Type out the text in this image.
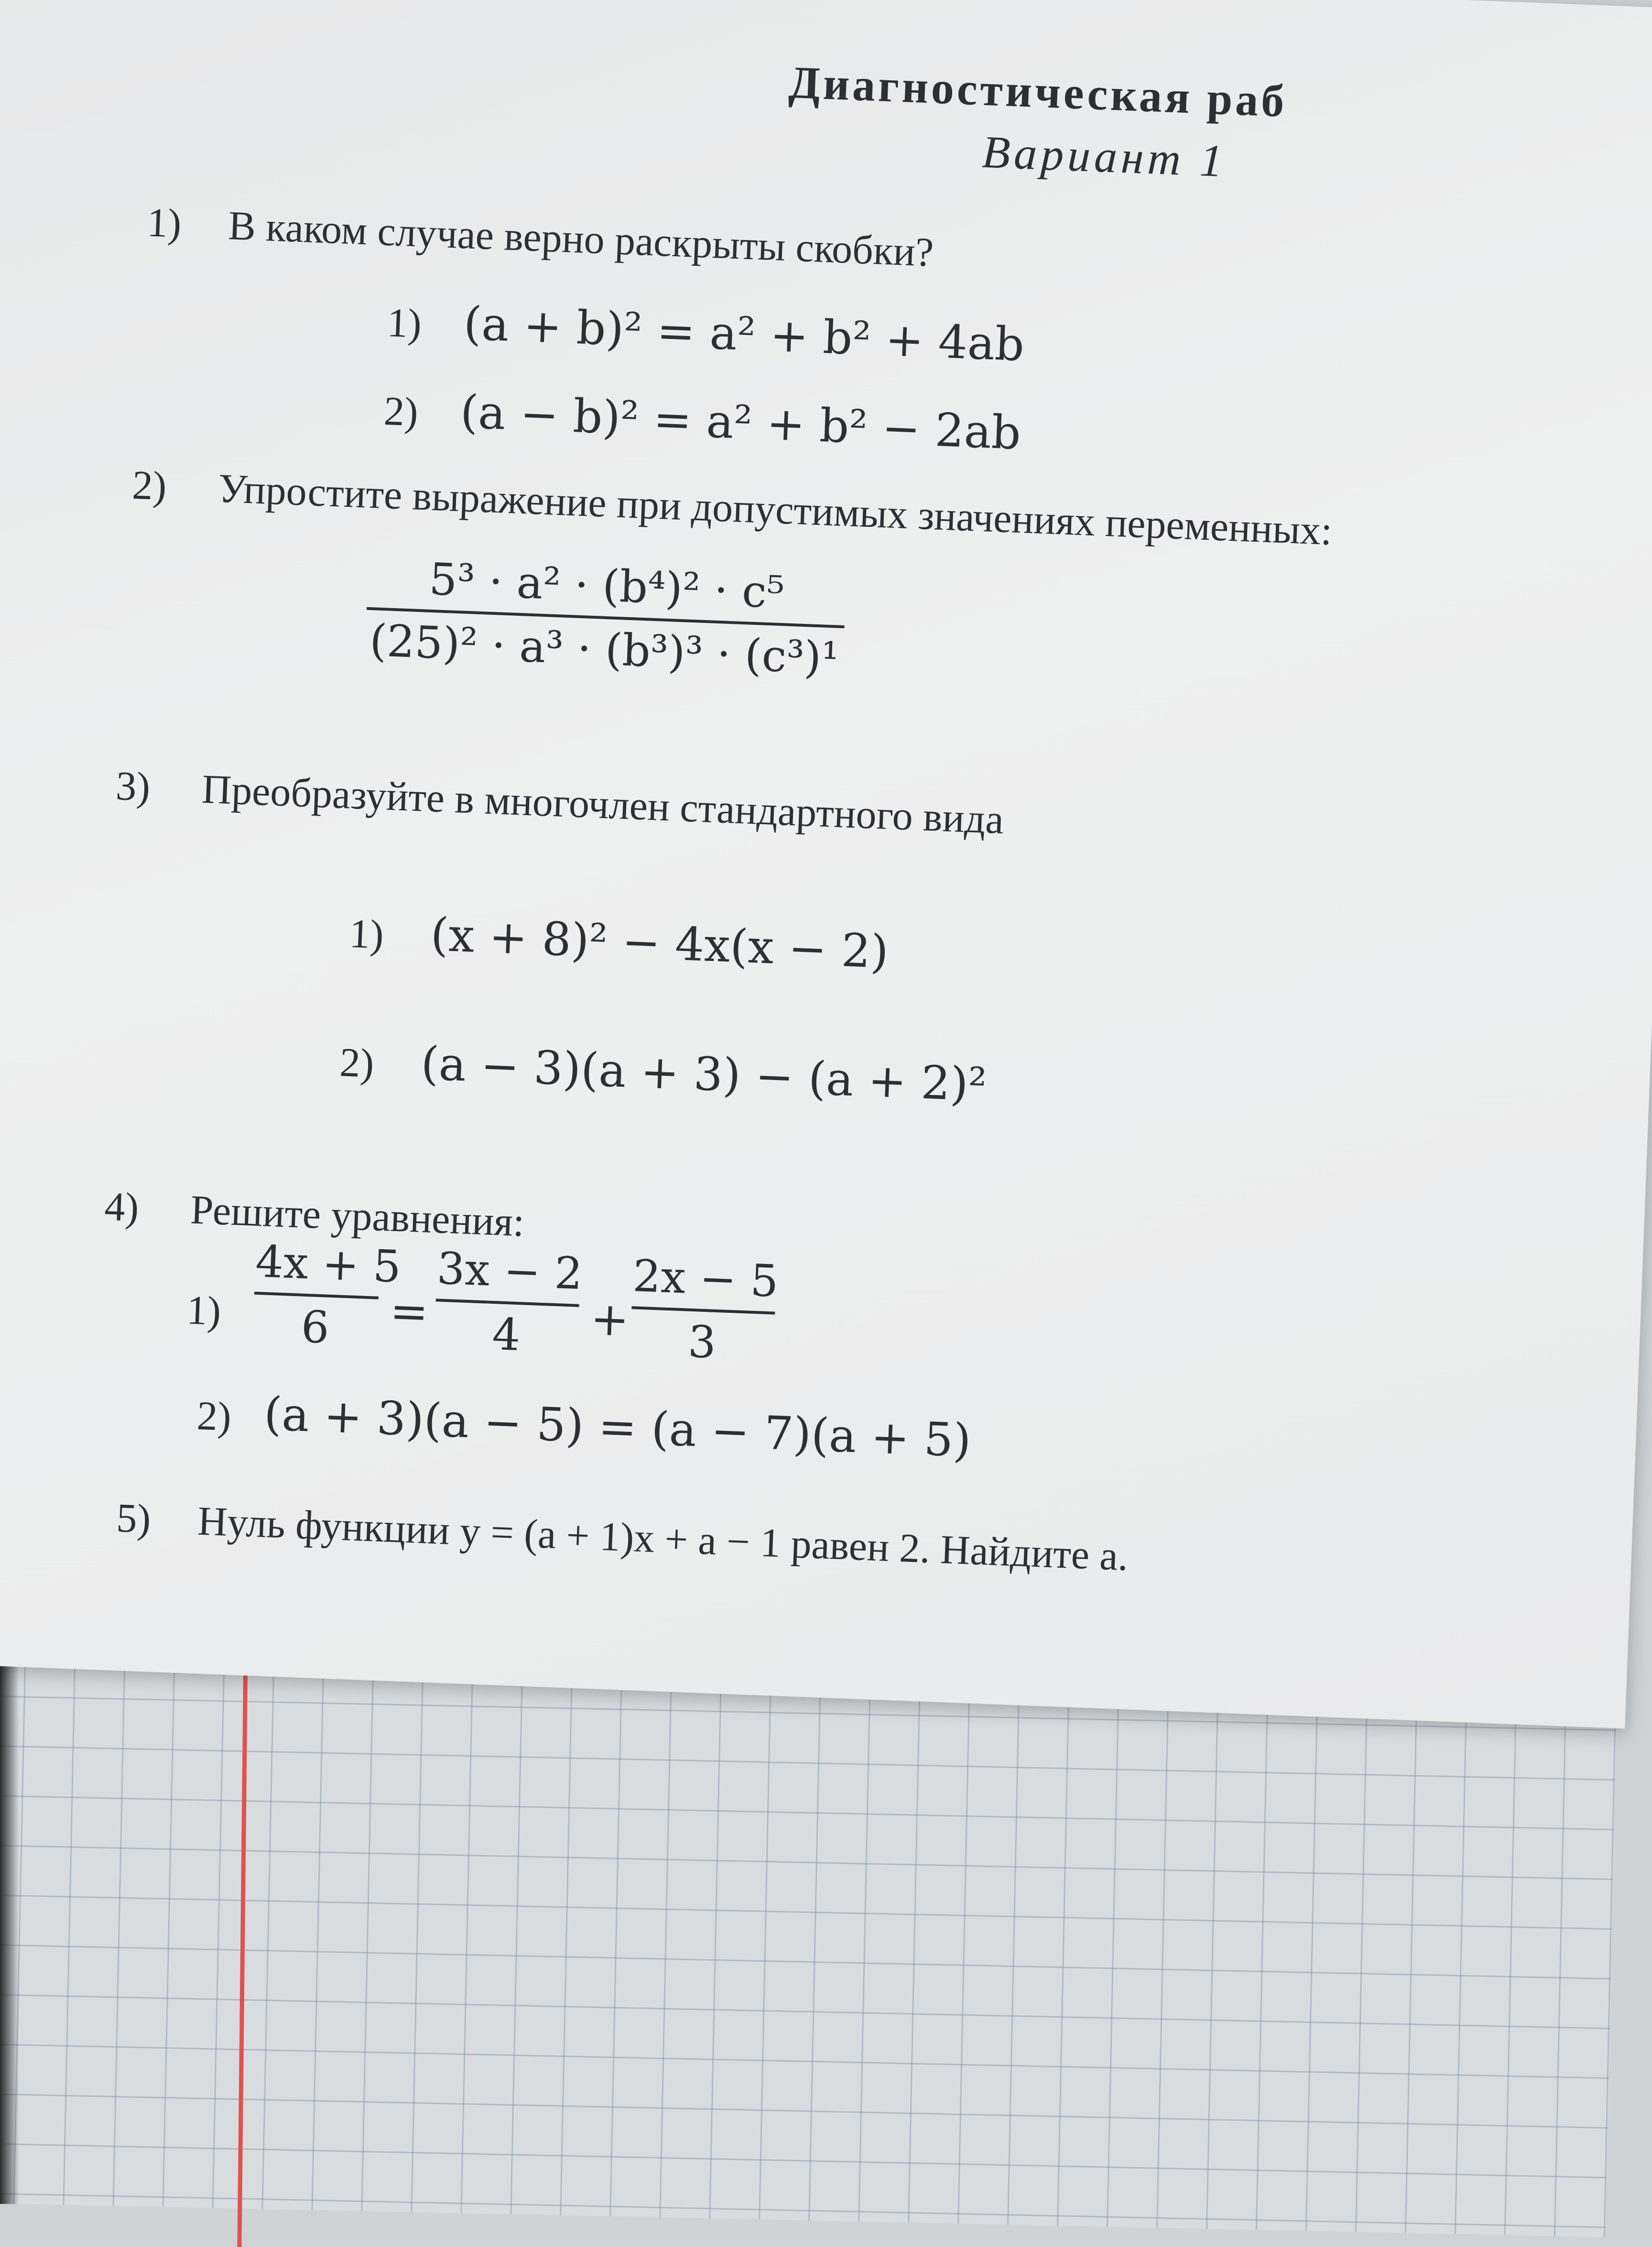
Диагностическая раб
Вариант 1
1) В каком случае верно раскрыты скобки?
1) (a + b)² = a² + b² + 4ab
2) (a − b)² = a² + b² − 2ab
2) Упростите выражение при допустимых значениях переменных:
5³ · a² · (b⁴)² · c⁵
(25)² · a³ · (b³)³ · (c³)¹
3) Преобразуйте в многочлен стандартного вида
1) (x + 8)² − 4x(x − 2)
2) (a − 3)(a + 3) − (a + 2)²
4) Решите уравнения:
1)
4x + 5
6	=
3x − 2
4	+
2x − 5
3
2) (a + 3)(a − 5) = (a − 7)(a + 5)
5) Нуль функции y = (a + 1)x + a − 1 равен 2. Найдите a.
